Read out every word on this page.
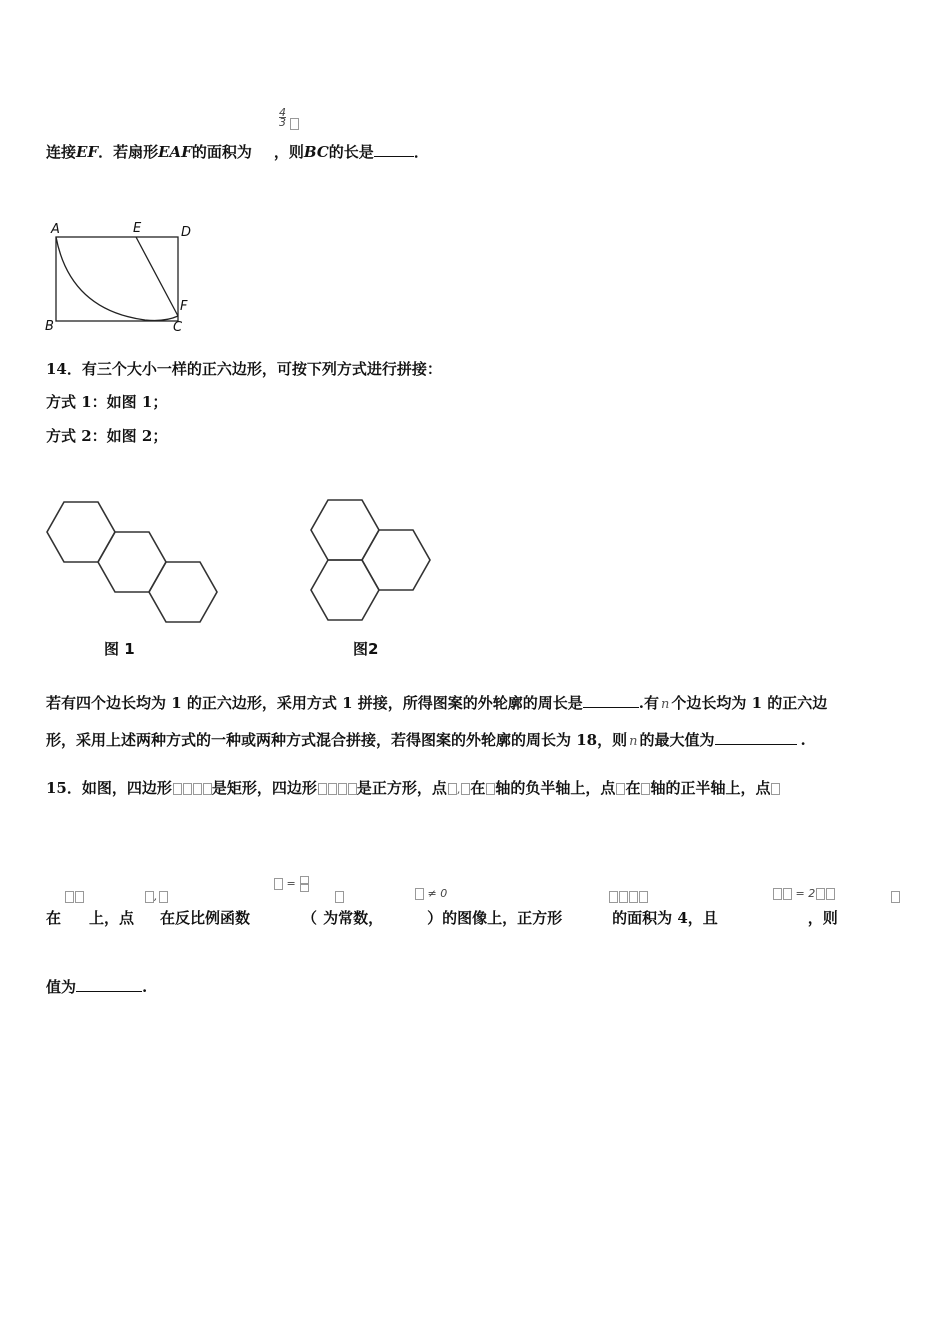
4
3
连接EF．若扇形EAF的面积为 ，则BC的长是	．
A	E	D
F
B	C
14．有三个大小一样的正六边形，可按下列方式进行拼接：
方式 1：如图 1；
方式 2：如图 2；
图 1	图2
若有四个边长均为 1 的正六边形，采用方式 1 拼接，所得图案的外轮廓的周长是	.有 n 个边长均为 1 的正六边
形，采用上述两种方式的一种或两种方式混合拼接，若得图案的外轮廓的周长为 18，则 n 的最大值为	.
15．如图，四边形	是矩形，四边形	是正方形，点 , 在 轴的负半轴上，点 在 轴的正半轴上，点
,
=

≠ 0	= 2
在 上，点 在反比例函数	（ 为常数，	）的图像上，正方形	的面积为 4，且	，则
值为	.
